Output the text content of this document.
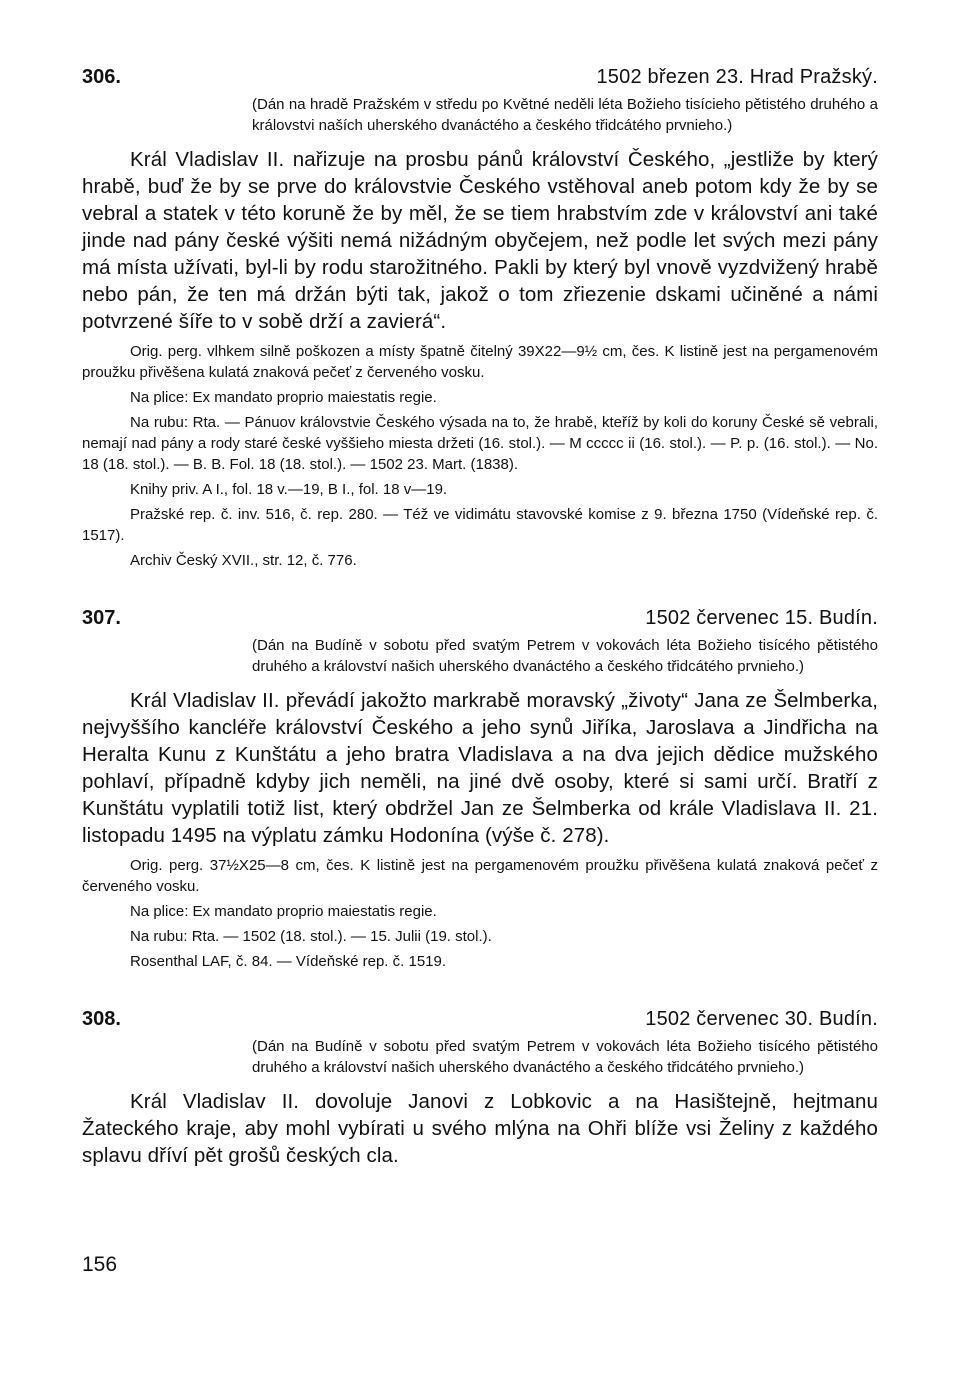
306.	1502 březen 23. Hrad Pražský.
(Dán na hradě Pražském v středu po Květné neděli léta Božieho tisícieho pětistého druhého a královstvi naších uherského dvanáctého a českého třidcátého prvnieho.)

Král Vladislav II. nařizuje na prosbu pánů království Českého, „jestliže by který hrabě, buď že by se prve do královstvie Českého vstěhoval aneb potom kdy že by se vebral a statek v této koruně že by měl, že se tiem hrabstvím zde v království ani také jinde nad pány české výšiti nemá nižádným obyčejem, než podle let svých mezi pány má místa užívati, byl-li by rodu starožitného. Pakli by který byl vnově vyzdvižený hrabě nebo pán, že ten má držán býti tak, jakož o tom zřiezenie dskami učiněné a námi potvrzené šíře to v sobě drží a zavierá“.

Orig. perg. vlhkem silně poškozen a místy špatně čitelný 39X22—9½ cm, čes. K listině jest na pergamenovém proužku přivěšena kulatá znaková pečeť z červeného vosku.

Na plice: Ex mandato proprio maiestatis regie.

Na rubu: Rta. — Pánuov královstvie Českého výsada na to, že hrabě, kteříž by koli do koruny České sě vebrali, nemají nad pány a rody staré české vyššieho miesta držeti (16. stol.). — M ccccc ii (16. stol.). — P. p. (16. stol.). — No. 18 (18. stol.). — B. B. Fol. 18 (18. stol.). — 1502 23. Mart. (1838).

Knihy priv. A I., fol. 18 v.—19, B I., fol. 18 v—19.

Pražské rep. č. inv. 516, č. rep. 280. — Též ve vidimátu stavovské komise z 9. března 1750 (Vídeňské rep. č. 1517).

Archiv Český XVII., str. 12, č. 776.

307.	1502 červenec 15. Budín.
(Dán na Budíně v sobotu před svatým Petrem v vokovách léta Božieho tisícého pětistého druhého a království našich uherského dvanáctého a českého třidcátého prvnieho.)

Král Vladislav II. převádí jakožto markrabě moravský „životy“ Jana ze Šelmberka, nejvyššího kancléře království Českého a jeho synů Jiříka, Jaroslava a Jindřicha na Heralta Kunu z Kunštátu a jeho bratra Vladislava a na dva jejich dědice mužského pohlaví, případně kdyby jich neměli, na jiné dvě osoby, které si sami určí. Bratří z Kunštátu vyplatili totiž list, který obdržel Jan ze Šelmberka od krále Vladislava II. 21. listopadu 1495 na výplatu zámku Hodonína (výše č. 278).

Orig. perg. 37½X25—8 cm, čes. K listině jest na pergamenovém proužku přivěšena kulatá znaková pečeť z červeného vosku.

Na plice: Ex mandato proprio maiestatis regie.

Na rubu: Rta. — 1502 (18. stol.). — 15. Julii (19. stol.).

Rosenthal LAF, č. 84. — Vídeňské rep. č. 1519.

308.	1502 červenec 30. Budín.
(Dán na Budíně v sobotu před svatým Petrem v vokovách léta Božieho tisícého pětistého druhého a království našich uherského dvanáctého a českého třidcátého prvnieho.)

Král Vladislav II. dovoluje Janovi z Lobkovic a na Hasištejně, hejtmanu Žateckého kraje, aby mohl vybírati u svého mlýna na Ohři blíže vsi Želiny z každého splavu dříví pět grošů českých cla.

156
